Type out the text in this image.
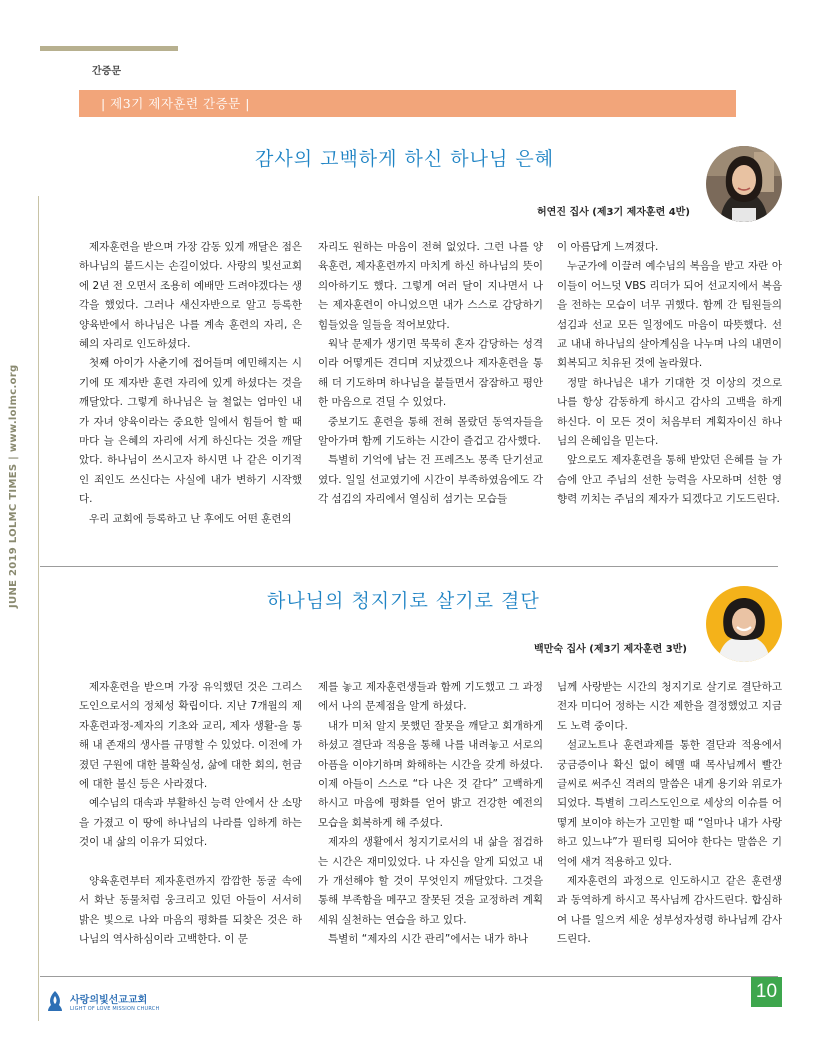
간증문
| 제3기 제자훈련 간증문 |
JUNE 2019 LOLMC TIMES | www.lolmc.org
감사의 고백하게 하신 하나님 은혜
허연진 집사 (제3기 제자훈련 4반)

제자훈련을 받으며 가장 감동 있게 깨달은 점은 하나님의 붙드시는 손길이었다. 사랑의 빛선교회에 2년 전 오면서 조용히 예배만 드려야겠다는 생각을 했었다. 그러나 새신자반으로 알고 등록한 양육반에서 하나님은 나를 계속 훈련의 자리, 은혜의 자리로 인도하셨다.

첫째 아이가 사춘기에 접어들며 예민해지는 시기에 또 제자반 훈련 자리에 있게 하셨다는 것을 깨달았다. 그렇게 하나님은 늘 철없는 엄마인 내가 자녀 양육이라는 중요한 일에서 힘들어 할 때마다 늘 은혜의 자리에 서게 하신다는 것을 깨달았다. 하나님이 쓰시고자 하시면 나 같은 이기적인 죄인도 쓰신다는 사실에 내가 변하기 시작했다.

우리 교회에 등록하고 난 후에도 어떤 훈련의

자리도 원하는 마음이 전혀 없었다. 그런 나를 양육훈련, 제자훈련까지 마치게 하신 하나님의 뜻이 의아하기도 했다. 그렇게 여러 달이 지나면서 나는 제자훈련이 아니었으면 내가 스스로 감당하기 힘들었을 일들을 적어보았다.

웍낙 문제가 생기면 묵묵히 혼자 감당하는 성격이라 어떻게든 견디며 지났겠으나 제자훈련을 통해 더 기도하며 하나님을 붙들면서 잠잠하고 평안한 마음으로 견딜 수 있었다.

중보기도 훈련을 통해 전혀 몰랐던 동역자들을 알아가며 함께 기도하는 시간이 즐겁고 감사했다.

특별히 기억에 남는 건 프레즈노 몽족 단기선교였다. 일일 선교였기에 시간이 부족하였음에도 각각 섬김의 자리에서 열심히 섬기는 모습들

이 아름답게 느껴졌다.

누군가에 이끌려 예수님의 복음을 받고 자란 아이들이 어느덧 VBS 리더가 되어 선교지에서 복음을 전하는 모습이 너무 귀했다. 함께 간 팀원들의 섬김과 선교 모든 일정에도 마음이 따뜻했다. 선교 내내 하나님의 살아계심을 나누며 나의 내면이 회복되고 치유된 것에 놀라웠다.

정말 하나님은 내가 기대한 것 이상의 것으로 나를 항상 감동하게 하시고 감사의 고백을 하게 하신다. 이 모든 것이 처음부터 계획자이신 하나님의 은혜임을 믿는다.

앞으로도 제자훈련을 통해 받았던 은혜를 늘 가슴에 안고 주님의 선한 능력을 사모하며 선한 영향력 끼치는 주님의 제자가 되겠다고 기도드린다.

하나님의 청지기로 살기로 결단
백만숙 집사 (제3기 제자훈련 3반)

제자훈련을 받으며 가장 유익했던 것은 그리스도인으로서의 정체성 확립이다. 지난 7개월의 제자훈련과정-제자의 기초와 교리, 제자 생활-을 통해 내 존재의 생사를 규명할 수 있었다. 이전에 가졌던 구원에 대한 불확실성, 삶에 대한 회의, 헌금에 대한 불신 등은 사라졌다.

예수님의 대속과 부활하신 능력 안에서 산 소망을 가졌고 이 땅에 하나님의 나라를 임하게 하는 것이 내 삶의 이유가 되었다.

양육훈련부터 제자훈련까지 깜깜한 동굴 속에서 화난 동물처럼 웅크리고 있던 아들이 서서히 밝은 빛으로 나와 마음의 평화를 되찾은 것은 하나님의 역사하심이라 고백한다. 이 문

제를 놓고 제자훈련생들과 함께 기도했고 그 과정에서 나의 문제점을 알게 하셨다.

내가 미처 알지 못했던 잘못을 깨닫고 회개하게 하셨고 결단과 적용을 통해 나를 내려놓고 서로의 아픔을 이야기하며 화해하는 시간을 갖게 하셨다. 이제 아들이 스스로 “다 나은 것 같다” 고백하게 하시고 마음에 평화를 얻어 밝고 건강한 예전의 모습을 회복하게 해 주셨다.

제자의 생활에서 청지기로서의 내 삶을 점검하는 시간은 재미있었다. 나 자신을 알게 되었고 내가 개선해야 할 것이 무엇인지 깨달았다. 그것을 통해 부족함을 메꾸고 잘못된 것을 교정하려 계획 세워 실천하는 연습을 하고 있다.

특별히 “제자의 시간 관리”에서는 내가 하나

님께 사랑받는 시간의 청지기로 살기로 결단하고 전자 미디어 정하는 시간 제한을 결정했었고 지금도 노력 중이다.

설교노트나 훈련과제를 통한 결단과 적용에서 궁금증이나 확신 없이 헤맬 때 목사님께서 빨간 글씨로 써주신 격려의 말씀은 내게 용기와 위로가 되었다. 특별히 그리스도인으로 세상의 이슈를 어떻게 보이야 하는가 고민할 때 “얼마나 내가 사랑하고 있느냐”가 필터링 되어야 한다는 말씀은 기억에 새겨 적용하고 있다.

제자훈련의 과정으로 인도하시고 같은 훈련생과 동역하게 하시고 목사님께 감사드린다. 합심하여 나를 일으켜 세운 성부성자성령 하나님께 감사드린다.

사랑의빛선교교회
LIGHT OF LOVE MISSION CHURCH
10
